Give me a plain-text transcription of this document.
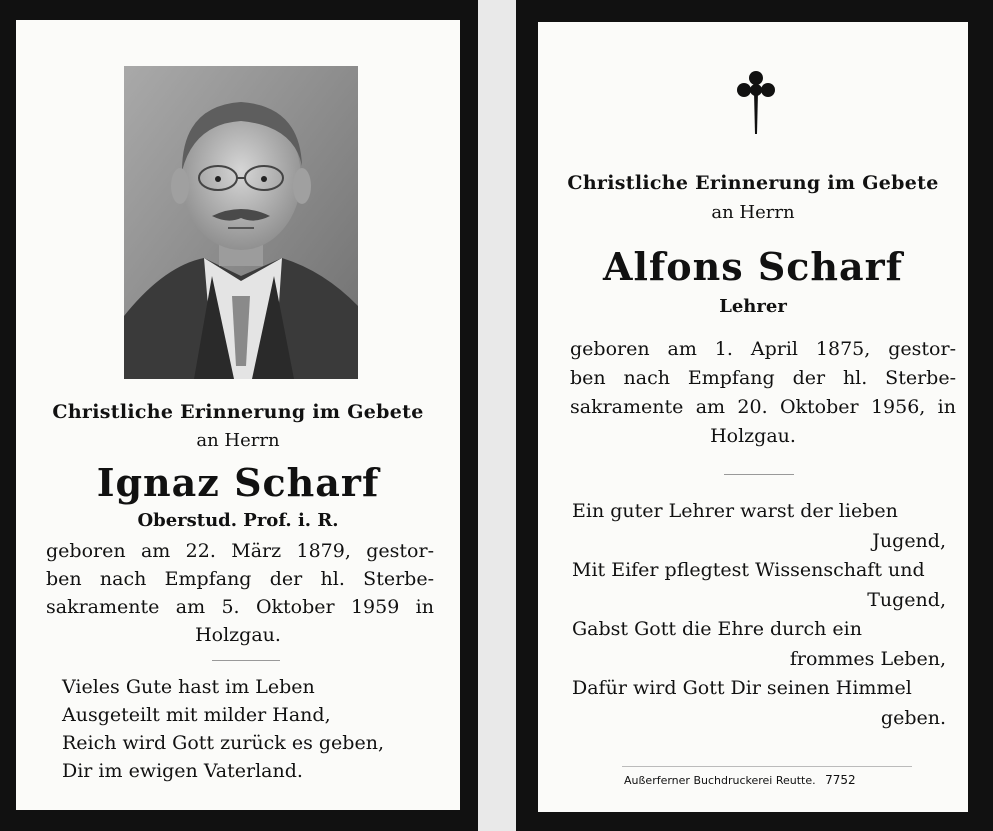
Christliche Erinnerung im Gebete
an Herrn
Ignaz Scharf
Oberstud. Prof. i. R.
geboren am 22. März 1879, gestor-
ben nach Empfang der hl. Sterbe-
sakramente am 5. Oktober 1959 in
Holzgau.
Vieles Gute hast im Leben
Ausgeteilt mit milder Hand,
Reich wird Gott zurück es geben,
Dir im ewigen Vaterland.
Christliche Erinnerung im Gebete
an Herrn
Alfons Scharf
Lehrer
geboren am 1. April 1875, gestor-
ben nach Empfang der hl. Sterbe-
sakramente am 20. Oktober 1956, in
Holzgau.
Ein guter Lehrer warst der lieben
Jugend,
Mit Eifer pflegtest Wissenschaft und
Tugend,
Gabst Gott die Ehre durch ein
frommes Leben,
Dafür wird Gott Dir seinen Himmel
geben.
Außerferner Buchdruckerei Reutte. 7752
